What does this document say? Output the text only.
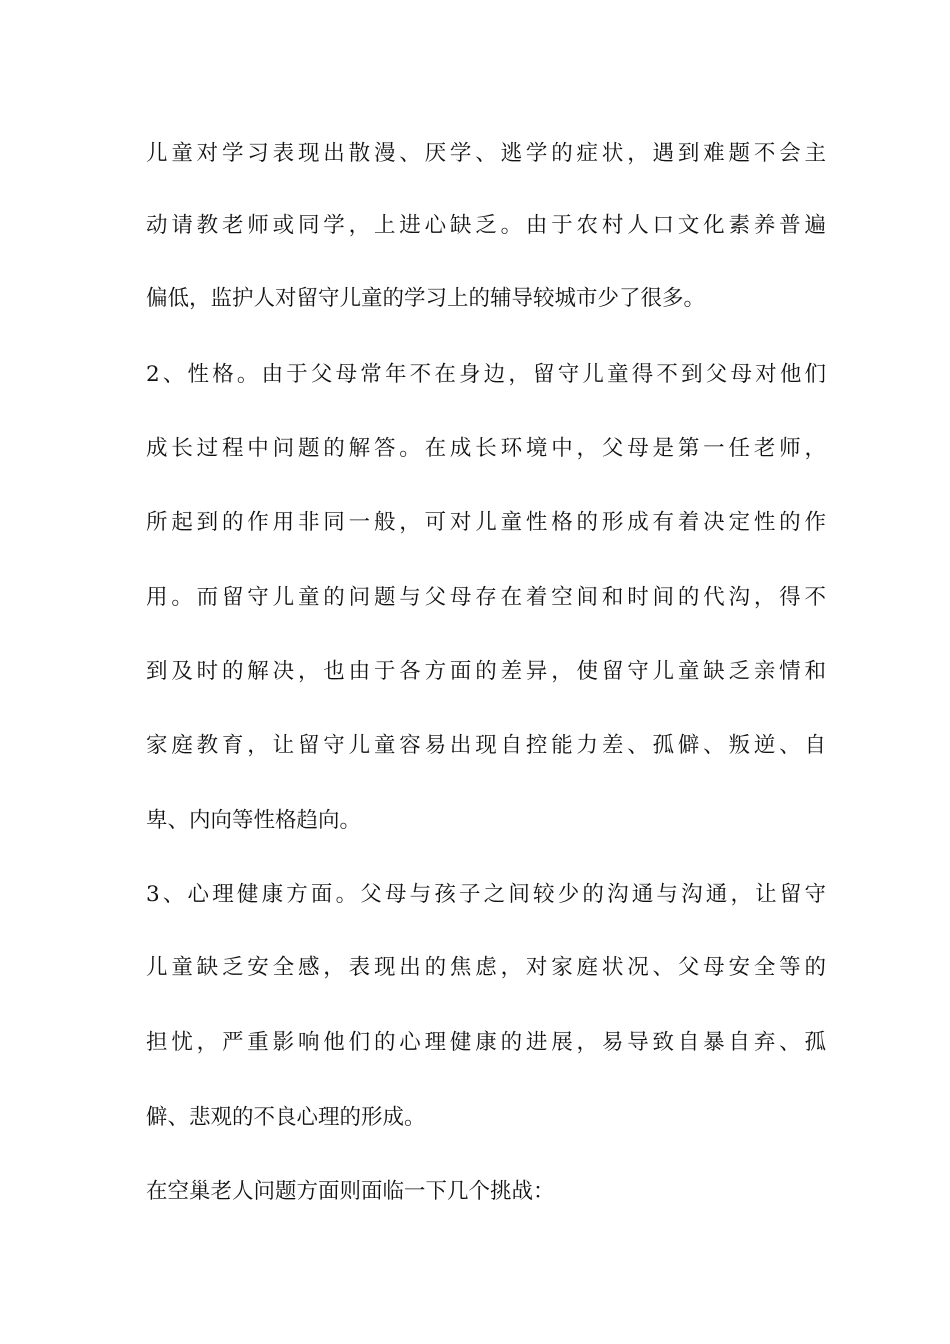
儿童对学习表现出散漫、厌学、逃学的症状，遇到难题不会主
动请教老师或同学，上进心缺乏。由于农村人口文化素养普遍
偏低，监护人对留守儿童的学习上的辅导较城市少了很多。
2、性格。由于父母常年不在身边，留守儿童得不到父母对他们
成长过程中问题的解答。在成长环境中，父母是第一任老师，
所起到的作用非同一般，可对儿童性格的形成有着决定性的作
用。而留守儿童的问题与父母存在着空间和时间的代沟，得不
到及时的解决，也由于各方面的差异，使留守儿童缺乏亲情和
家庭教育，让留守儿童容易出现自控能力差、孤僻、叛逆、自
卑、内向等性格趋向。
3、心理健康方面。父母与孩子之间较少的沟通与沟通，让留守
儿童缺乏安全感，表现出的焦虑，对家庭状况、父母安全等的
担忧，严重影响他们的心理健康的进展，易导致自暴自弃、孤
僻、悲观的不良心理的形成。
在空巢老人问题方面则面临一下几个挑战：
